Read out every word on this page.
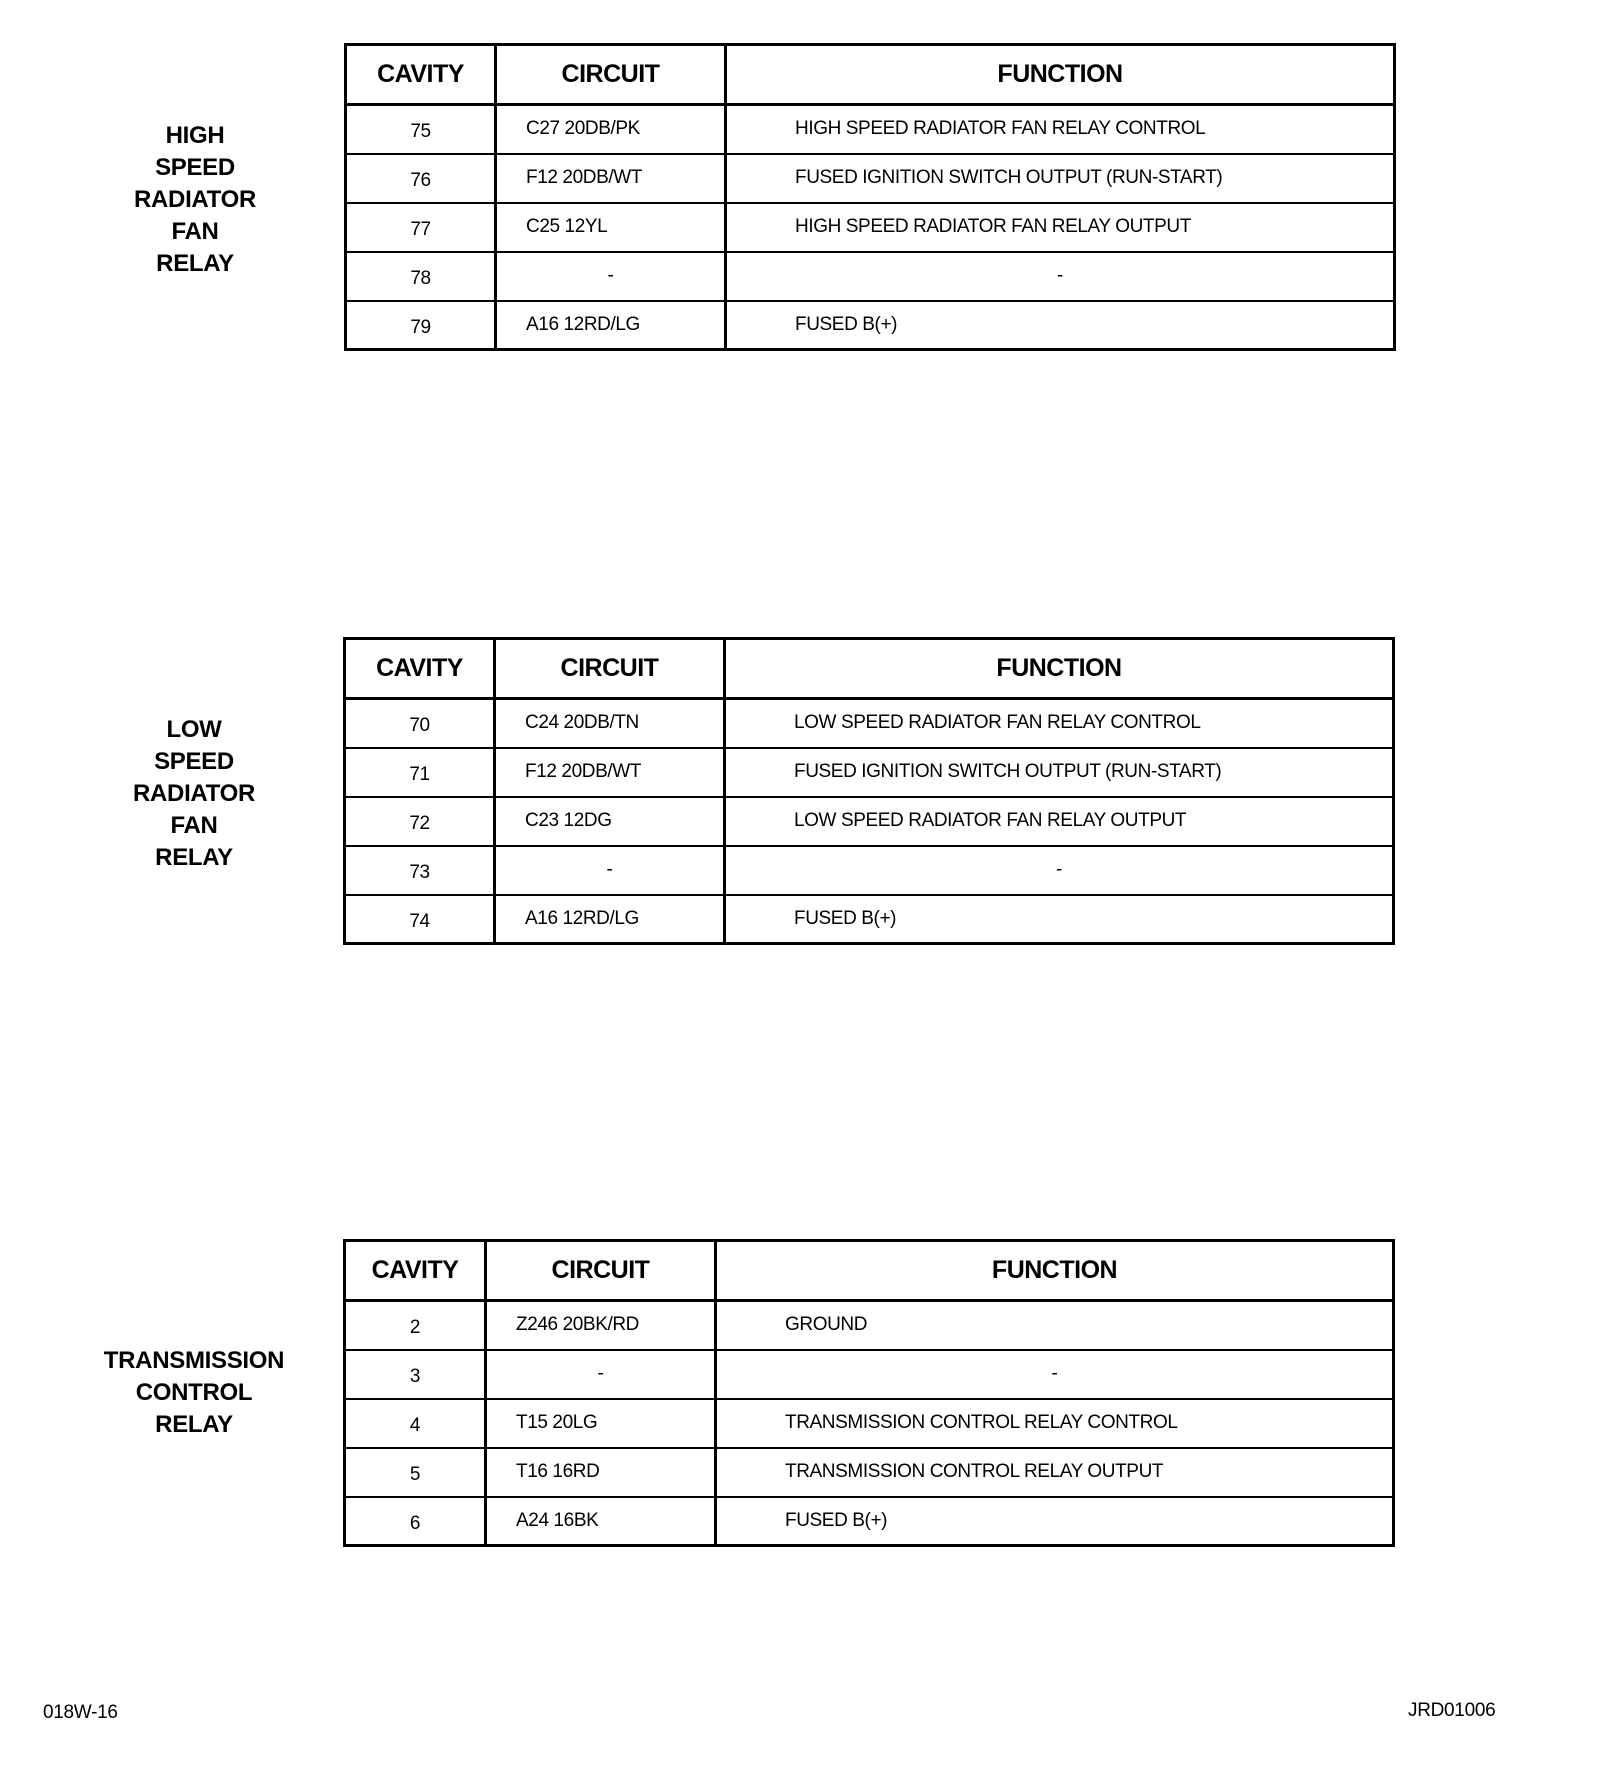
HIGH
SPEED
RADIATOR
FAN
RELAY
CAVITY	CIRCUIT	FUNCTION
75	C27 20DB/PK	HIGH SPEED RADIATOR FAN RELAY CONTROL
76	F12 20DB/WT	FUSED IGNITION SWITCH OUTPUT (RUN-START)
77	C25 12YL	HIGH SPEED RADIATOR FAN RELAY OUTPUT
78	-	-
79	A16 12RD/LG	FUSED B(+)
LOW
SPEED
RADIATOR
FAN
RELAY
CAVITY	CIRCUIT	FUNCTION
70	C24 20DB/TN	LOW SPEED RADIATOR FAN RELAY CONTROL
71	F12 20DB/WT	FUSED IGNITION SWITCH OUTPUT (RUN-START)
72	C23 12DG	LOW SPEED RADIATOR FAN RELAY OUTPUT
73	-	-
74	A16 12RD/LG	FUSED B(+)
TRANSMISSION
CONTROL
RELAY
CAVITY	CIRCUIT	FUNCTION
2	Z246 20BK/RD	GROUND
3	-	-
4	T15 20LG	TRANSMISSION CONTROL RELAY CONTROL
5	T16 16RD	TRANSMISSION CONTROL RELAY OUTPUT
6	A24 16BK	FUSED B(+)
018W-16	JRD01006
